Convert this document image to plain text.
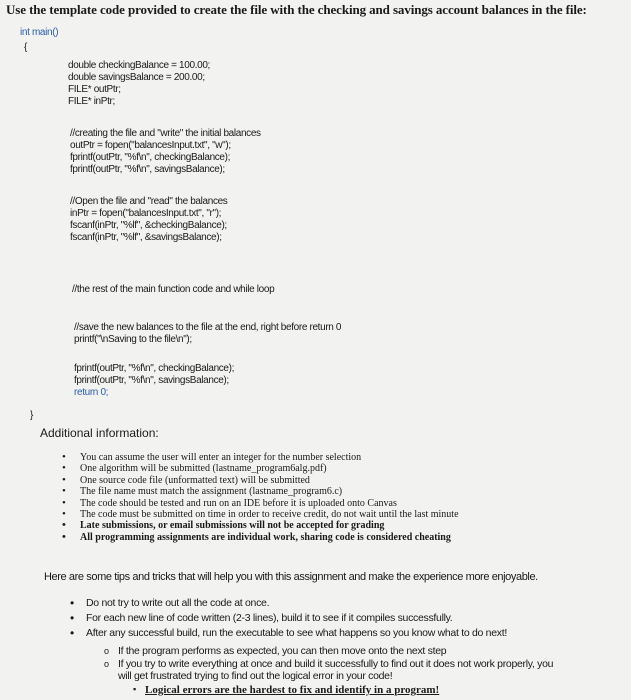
Use the template code provided to create the file with the checking and savings account balances in the file:
int main()
{
double checkingBalance = 100.00;
double savingsBalance = 200.00;
FILE* outPtr;
FILE* inPtr;
//creating the file and "write" the initial balances
outPtr = fopen("balancesInput.txt", "w");
fprintf(outPtr, "%f\n", checkingBalance);
fprintf(outPtr, "%f\n", savingsBalance);
//Open the file and "read" the balances
inPtr = fopen("balancesInput.txt", "r");
fscanf(inPtr, "%lf", &checkingBalance);
fscanf(inPtr, "%lf", &savingsBalance);
//the rest of the main function code and while loop
//save the new balances to the file at the end, right before return 0
printf("\nSaving to the file\n");
fprintf(outPtr, "%f\n", checkingBalance);
fprintf(outPtr, "%f\n", savingsBalance);
return 0;
}
Additional information:
• You can assume the user will enter an integer for the number selection
• One algorithm will be submitted (lastname_program6alg.pdf)
• One source code file (unformatted text) will be submitted
• The file name must match the assignment (lastname_program6.c)
• The code should be tested and run on an IDE before it is uploaded onto Canvas
• The code must be submitted on time in order to receive credit, do not wait until the last minute
• Late submissions, or email submissions will not be accepted for grading
• All programming assignments are individual work, sharing code is considered cheating
Here are some tips and tricks that will help you with this assignment and make the experience more enjoyable.
• Do not try to write out all the code at once.
• For each new line of code written (2-3 lines), build it to see if it compiles successfully.
• After any successful build, run the executable to see what happens so you know what to do next!
o If the program performs as expected, you can then move onto the next step
o If you try to write everything at once and build it successfully to find out it does not work properly, you will get frustrated trying to find out the logical error in your code!
▪ Logical errors are the hardest to fix and identify in a program!
